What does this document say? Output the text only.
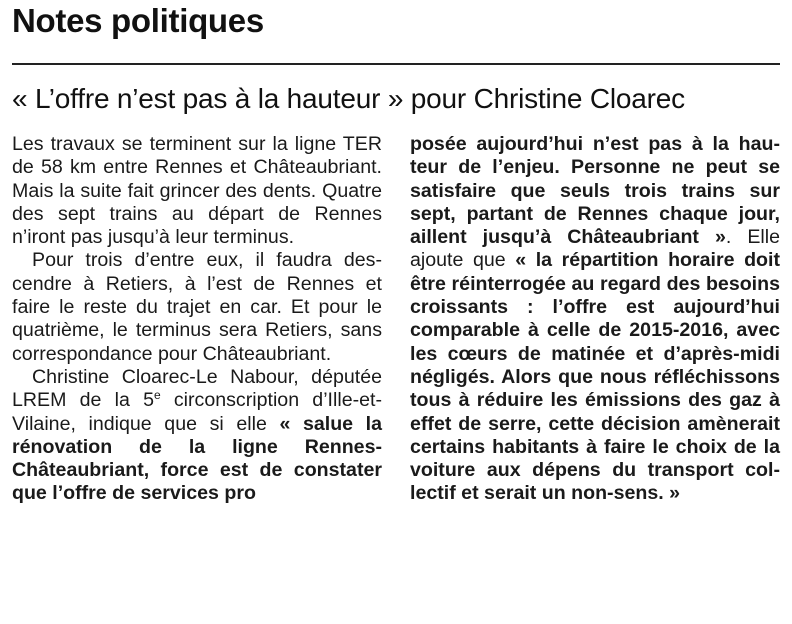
Notes politiques
« L’offre n’est pas à la hauteur » pour Christine Cloarec

Les travaux se terminent sur la ligne TER de 58 km entre Rennes et Châteaubriant. Mais la suite fait grincer des dents. Quatre des sept trains au départ de Rennes n’iront pas jusqu’à leur terminus.

Pour trois d’entre eux, il faudra descendre à Retiers, à l’est de Rennes et faire le reste du trajet en car. Et pour le quatrième, le terminus sera Retiers, sans correspondance pour Châteaubriant.

Christine Cloarec-Le Nabour, députée LREM de la 5e circonscription d’Ille-et-Vilaine, indique que si elle « salue la rénovation de la ligne Rennes-Châteaubriant, force est de constater que l’offre de services pro

posée aujourd’hui n’est pas à la hauteur de l’enjeu. Personne ne peut se satisfaire que seuls trois trains sur sept, partant de Rennes chaque jour, aillent jusqu’à Châteaubriant ». Elle ajoute que « la répartition horaire doit être réinterrogée au regard des besoins croissants : l’offre est aujourd’hui comparable à celle de 2015-2016, avec les cœurs de matinée et d’après-midi négligés. Alors que nous réfléchissons tous à réduire les émissions des gaz à effet de serre, cette décision amènerait certains habitants à faire le choix de la voiture aux dépens du transport collectif et serait un non-sens. »
